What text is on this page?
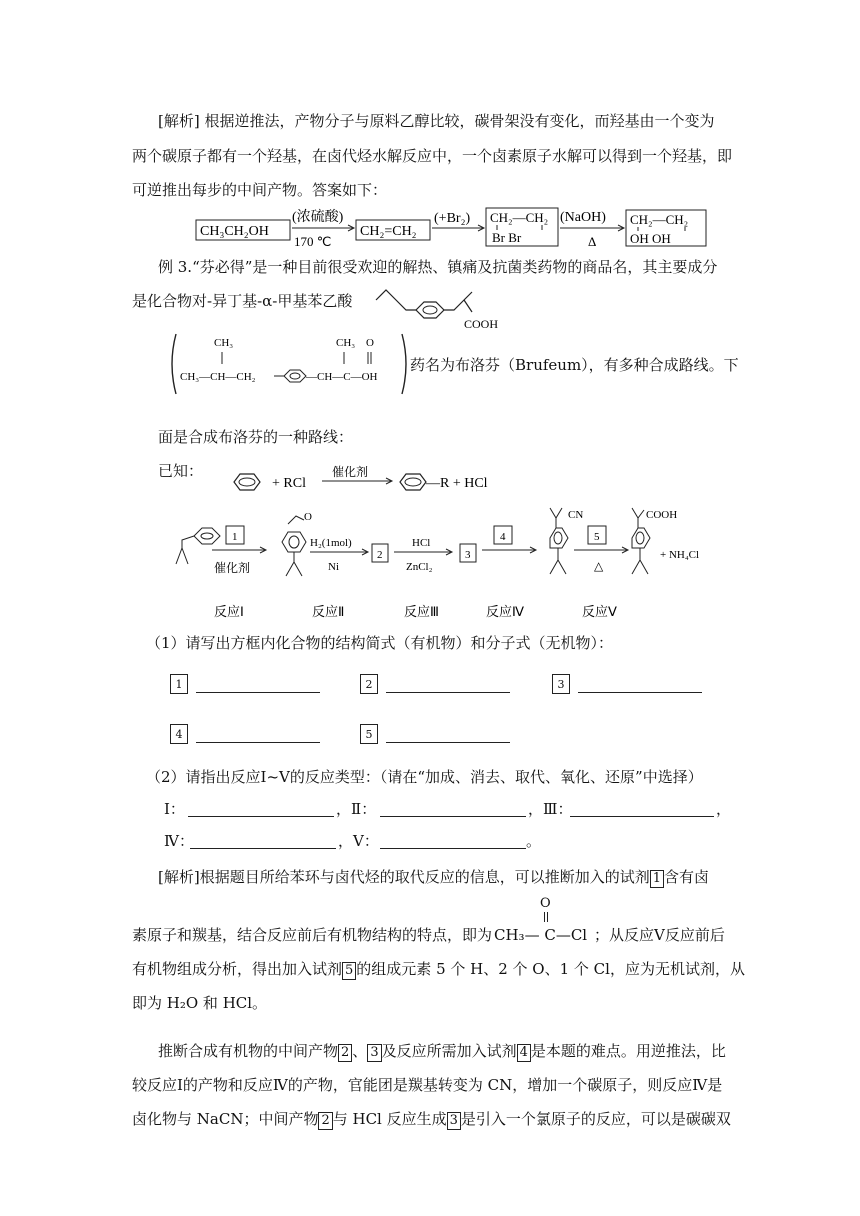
[解析] 根据逆推法，产物分子与原料乙醇比较，碳骨架没有变化，而羟基由一个变为
两个碳原子都有一个羟基，在卤代烃水解反应中，一个卤素原子水解可以得到一个羟基，即
可逆推出每步的中间产物。答案如下：
CH₃CH₂OH
(浓硫酸)
170 ℃
CH₂=CH₂
(+Br₂) CH₂—CH₂
Br Br
(NaOH)
Δ
CH₂—CH₂
OH OH
例 3.“芬必得”是一种目前很受欢迎的解热、镇痛及抗菌类药物的商品名，其主要成分
是化合物对-异丁基-α-甲基苯乙酸
COOH
CH₃	CH₃ O
CH₃—CH—CH₂	—CH—C—OH
药名为布洛芬（Brufeum），有多种合成路线。下
面是合成布洛芬的一种路线：
已知：
+ RCl
催化剂
—R + HCl
1
催化剂
O
H₂(1mol)
Ni
2
HCl
ZnCl₂
3
4
CN
5
△
COOH
+ NH₄Cl
反应Ⅰ	反应Ⅱ	反应Ⅲ	反应Ⅳ	反应Ⅴ
（1）请写出方框内化合物的结构简式（有机物）和分子式（无机物）：
1	2	3
4	5
（2）请指出反应Ⅰ~Ⅴ的反应类型：（请在“加成、消去、取代、氧化、还原”中选择）
Ⅰ：	，Ⅱ：	，Ⅲ：	，
Ⅳ：	，Ⅴ：	。
[解析]根据题目所给苯环与卤代烃的取代反应的信息，可以推断加入的试剂 1 含有卤
O
素原子和羰基，结合反应前后有机物结构的特点，即为 CH₃— C—Cl ；从反应Ⅴ反应前后
有机物组成分析，得出加入试剂 5 的组成元素 5 个 H、2 个 O、1 个 Cl，应为无机试剂，从
即为 H₂O 和 HCl。
推断合成有机物的中间产物 2 、 3 及反应所需加入试剂 4 是本题的难点。用逆推法，比
较反应Ⅰ的产物和反应Ⅳ的产物，官能团是羰基转变为 CN，增加一个碳原子，则反应Ⅳ是
卤化物与 NaCN；中间产物 2 与 HCl 反应生成 3 是引入一个氯原子的反应，可以是碳碳双
